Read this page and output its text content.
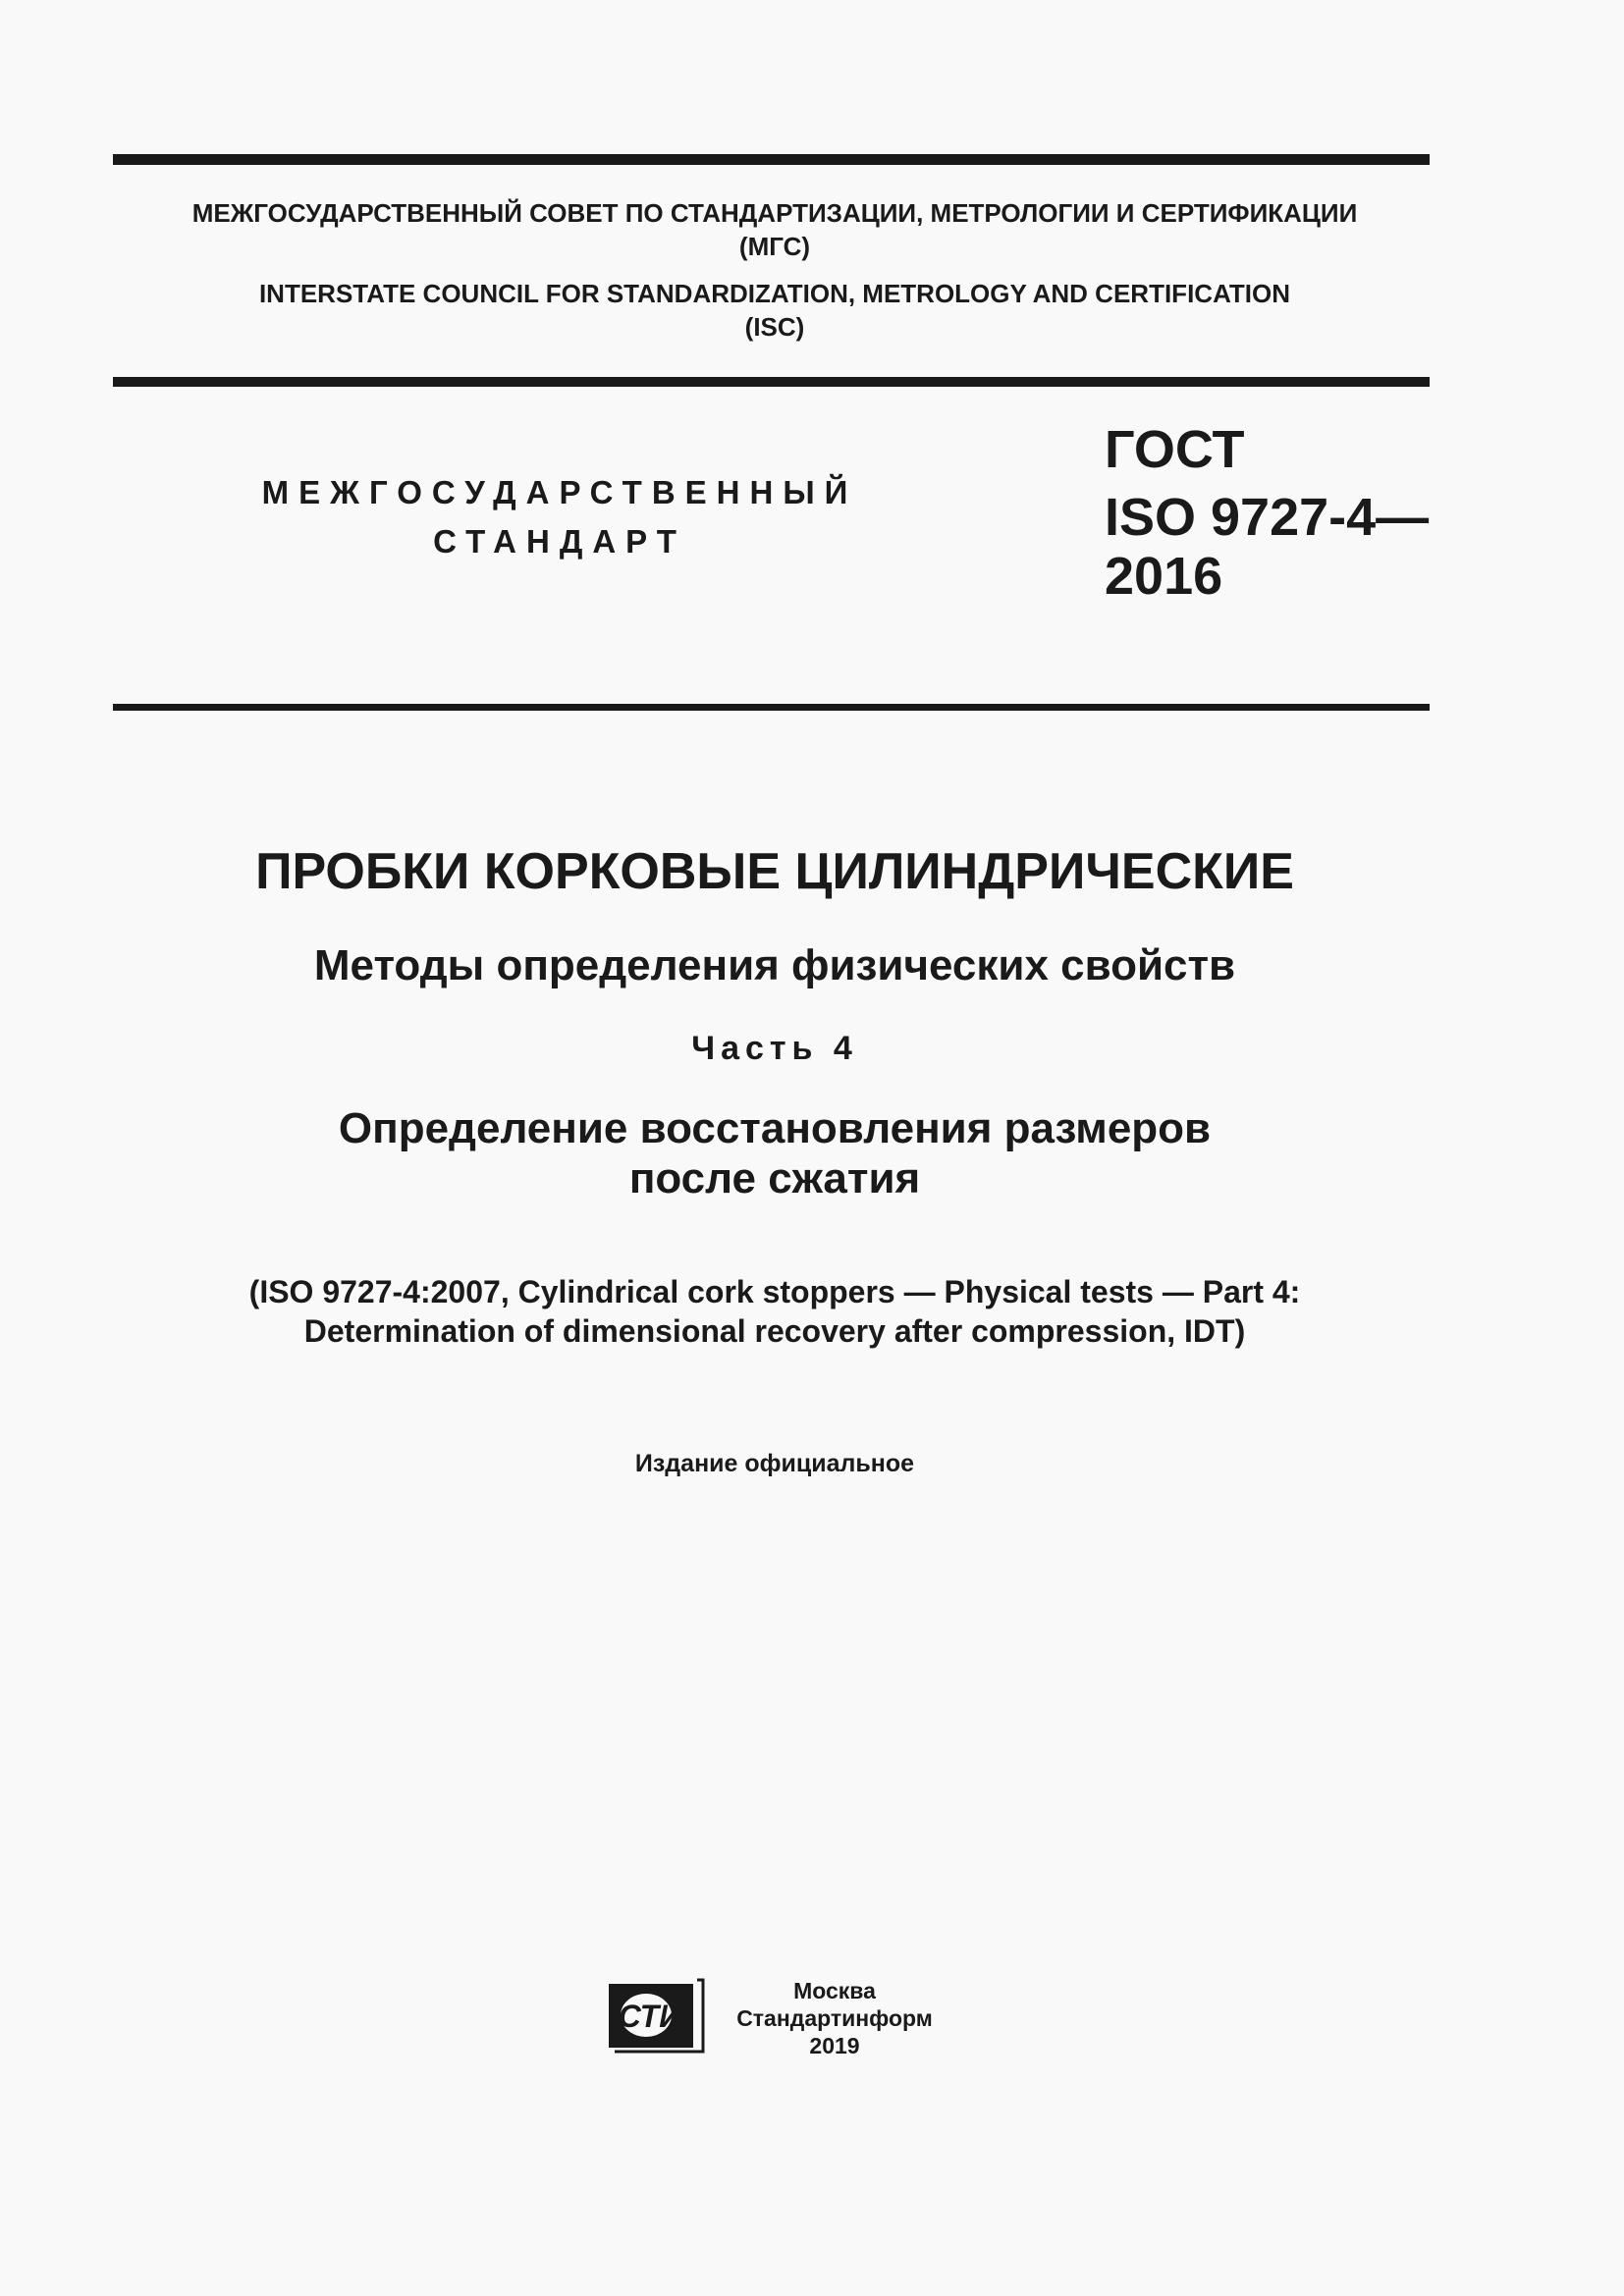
МЕЖГОСУДАРСТВЕННЫЙ СОВЕТ ПО СТАНДАРТИЗАЦИИ, МЕТРОЛОГИИ И СЕРТИФИКАЦИИ
(МГС)
INTERSTATE COUNCIL FOR STANDARDIZATION, METROLOGY AND CERTIFICATION
(ISC)
МЕЖГОСУДАРСТВЕННЫЙ
СТАНДАРТ
ГОСТ
ISO 9727-4—
2016
ПРОБКИ КОРКОВЫЕ ЦИЛИНДРИЧЕСКИЕ
Методы определения физических свойств
Часть 4
Определение восстановления размеров
после сжатия
(ISO 9727-4:2007, Cylindrical cork stoppers — Physical tests — Part 4:
Determination of dimensional recovery after compression, IDT)
Издание официальное
СТИ
Москва
Стандартинформ
2019
